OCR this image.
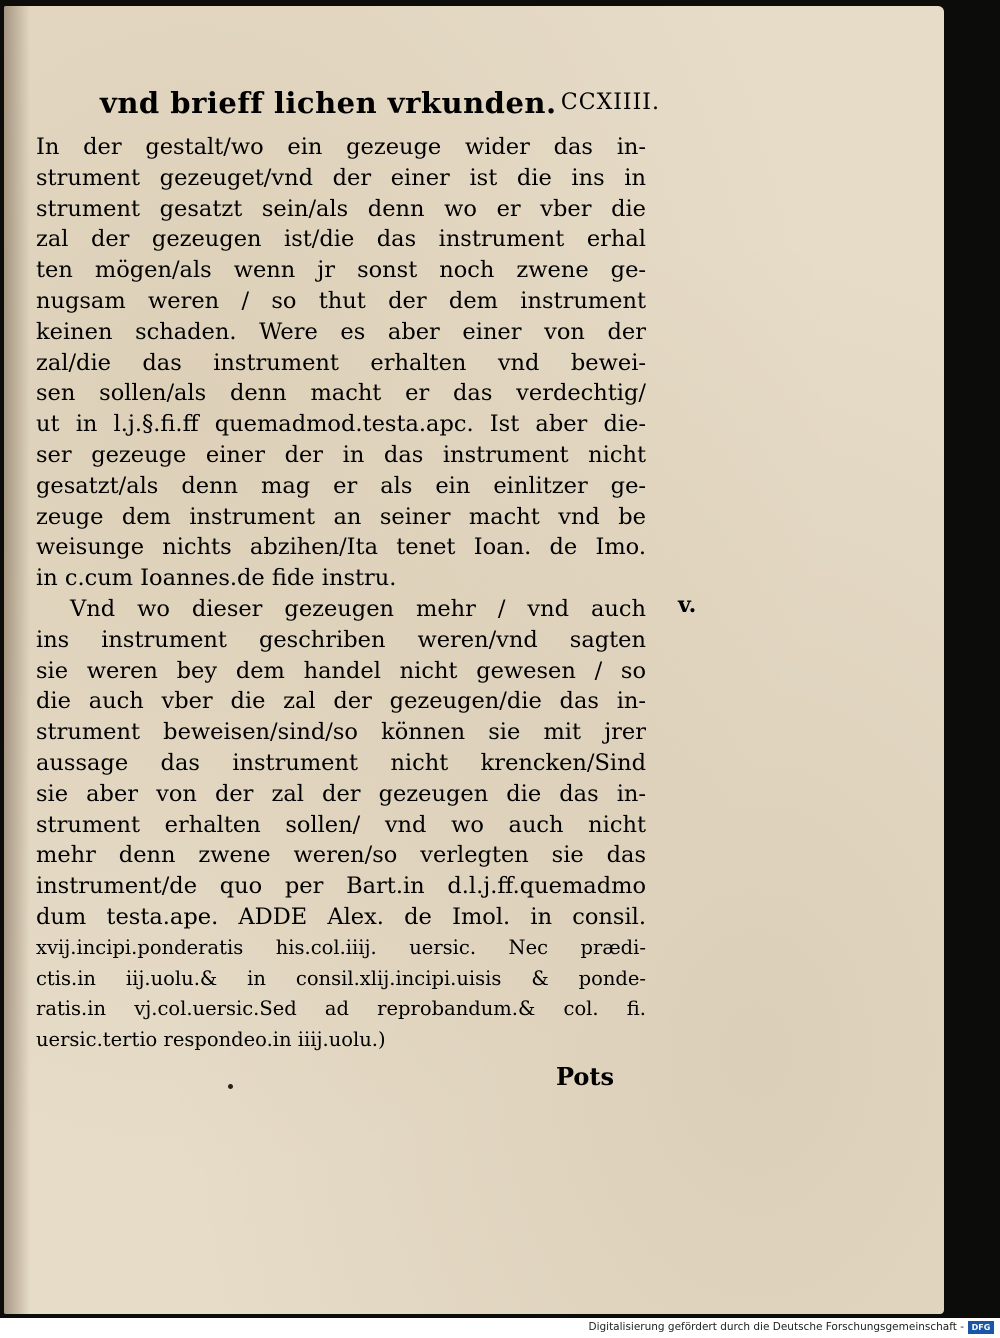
vnd brieff lichen vrkunden. CCXIIII.
In der gestalt/wo ein gezeuge wider das in-
strument gezeuget/vnd der einer ist die ins in
strument gesatzt sein/als denn wo er vber die
zal der gezeugen ist/die das instrument erhal
ten mögen/als wenn jr sonst noch zwene ge-
nugsam weren / so thut der dem instrument
keinen schaden. Were es aber einer von der
zal/die das instrument erhalten vnd bewei-
sen sollen/als denn macht er das verdechtig/
ut in l.j.§.fi.ff quemadmod.testa.apc. Ist aber die-
ser gezeuge einer der in das instrument nicht
gesatzt/als denn mag er als ein einlitzer ge-
zeuge dem instrument an seiner macht vnd be
weisunge nichts abzihen/Ita tenet Ioan. de Imo.
in c.cum Ioannes.de fide instru.
Vnd wo dieser gezeugen mehr / vnd auch
ins instrument geschriben weren/vnd sagten
sie weren bey dem handel nicht gewesen / so
die auch vber die zal der gezeugen/die das in-
strument beweisen/sind/so können sie mit jrer
aussage das instrument nicht krencken/Sind
sie aber von der zal der gezeugen die das in-
strument erhalten sollen/ vnd wo auch nicht
mehr denn zwene weren/so verlegten sie das
instrument/de quo per Bart.in d.l.j.ff.quemadmo
dum testa.ape. ADDE Alex. de Imol. in consil.
xvij.incipi.ponderatis his.col.iiij. uersic. Nec prædi-
ctis.in iij.uolu.& in consil.xlij.incipi.uisis & ponde-
ratis.in vj.col.uersic.Sed ad reprobandum.& col. fi.
uersic.tertio respondeo.in iiij.uolu.)
v.
Pots
Digitalisierung gefördert durch die Deutsche Forschungsgemeinschaft - DFG
